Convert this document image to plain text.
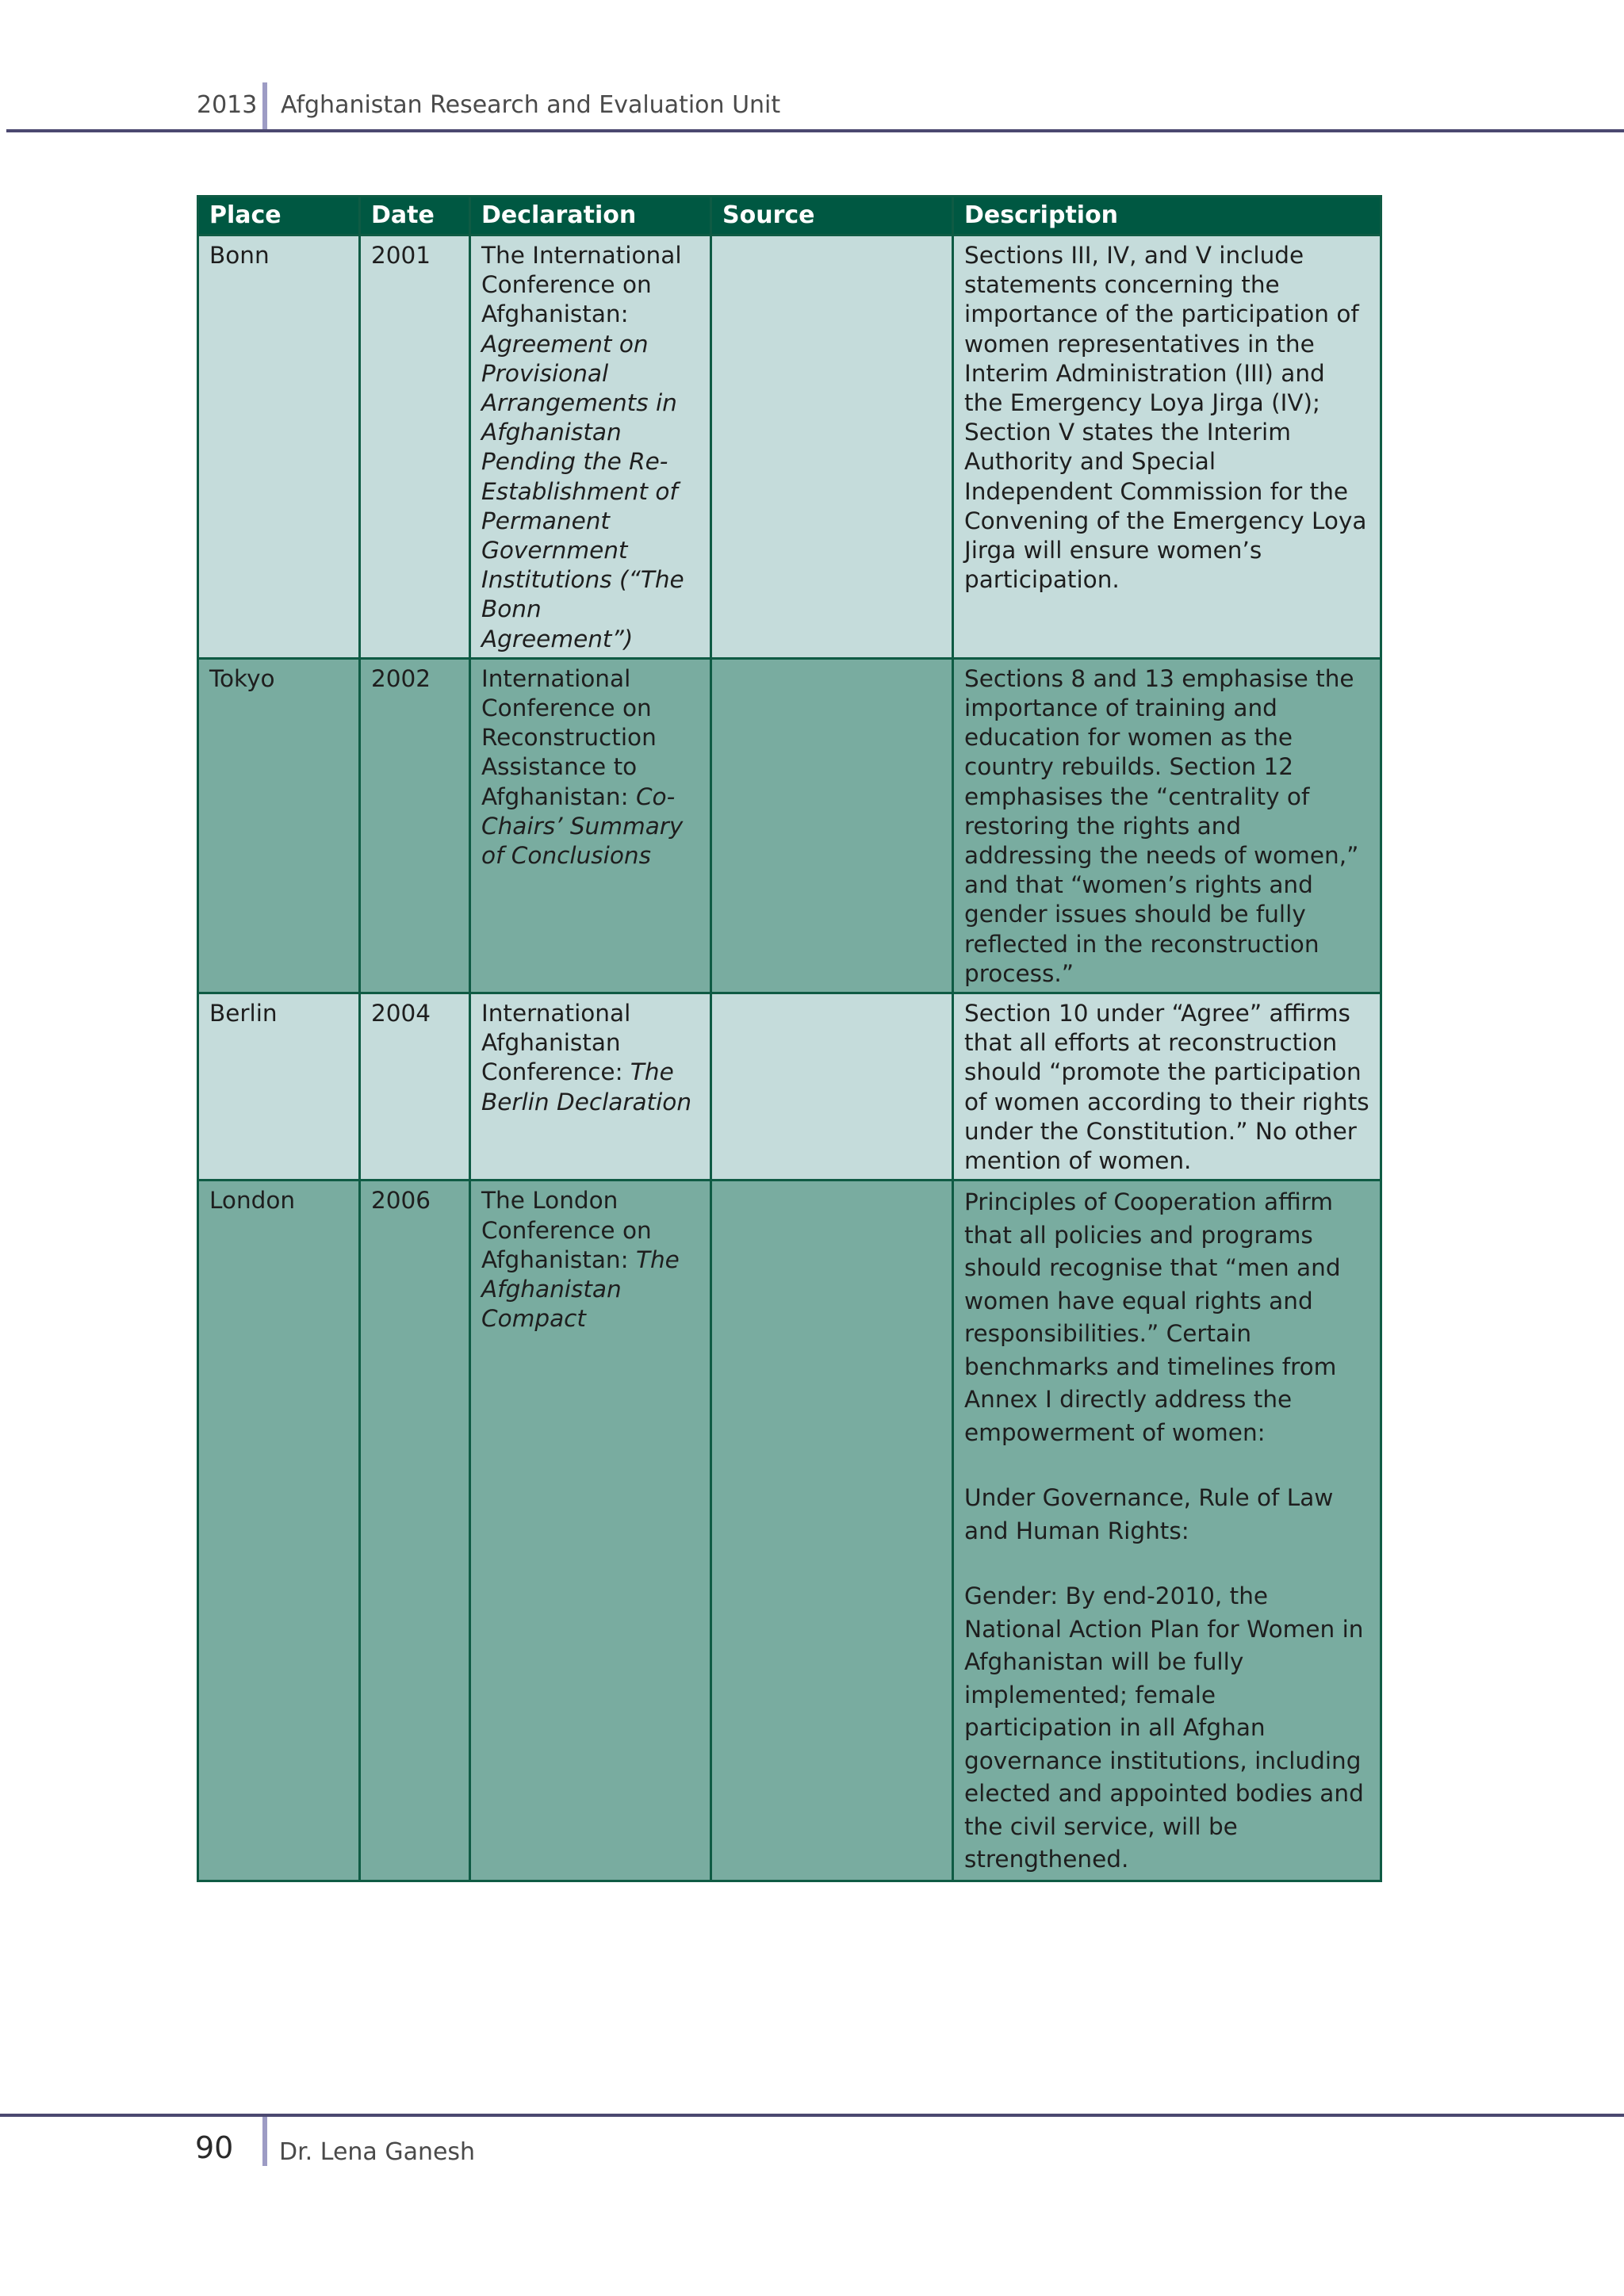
2013 Afghanistan Research and Evaluation Unit
Place	Date	Declaration	Source	Description
Bonn	2001	The International Conference on Afghanistan: Agreement on Provisional Arrangements in Afghanistan Pending the Re-Establishment of Permanent Government Institutions (“The Bonn Agreement”)		Sections III, IV, and V include statements concerning the importance of the participation of women representatives in the Interim Administration (III) and the Emergency Loya Jirga (IV); Section V states the Interim Authority and Special Independent Commission for the Convening of the Emergency Loya Jirga will ensure women’s participation.
Tokyo	2002	International Conference on Reconstruction Assistance to Afghanistan: Co-Chairs’ Summary of Conclusions		Sections 8 and 13 emphasise the importance of training and education for women as the country rebuilds. Section 12 emphasises the “centrality of restoring the rights and addressing the needs of women,” and that “women’s rights and gender issues should be fully reflected in the reconstruction process.”
Berlin	2004	International Afghanistan Conference: The Berlin Declaration		Section 10 under “Agree” affirms that all efforts at reconstruction should “promote the participation of women according to their rights under the Constitution.” No other mention of women.
London	2006	The London Conference on Afghanistan: The Afghanistan Compact		Principles of Cooperation affirm that all policies and programs should recognise that “men and women have equal rights and responsibilities.” Certain benchmarks and timelines from Annex I directly address the empowerment of women:
Under Governance, Rule of Law and Human Rights:
Gender: By end-2010, the National Action Plan for Women in Afghanistan will be fully implemented; female participation in all Afghan governance institutions, including elected and appointed bodies and the civil service, will be strengthened.
90 Dr. Lena Ganesh
